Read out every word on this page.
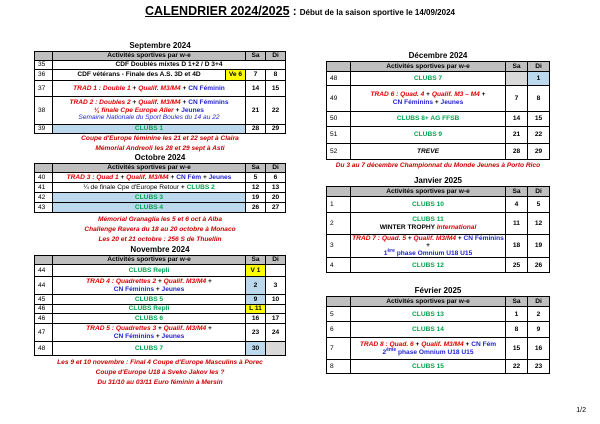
CALENDRIER 2024/2025 : Début de la saison sportive le 14/09/2024
Septembre 2024
	Activités sportives par w-e		Sa	Di
35	CDF Doublés mixtes D 1+2 / D 3+4			
36	CDF vétérans - Finale des A.S. 3D et 4D	Ve 6	7	8
37	TRAD 1 : Double 1 + Qualif. M3/M4 + CN Féminin		14	15
38	TRAD 2 : Doubles 2 + Qualif. M3/M4 + CN Féminins
¼ finale Cpe Europe Aller + Jeunes
Semaine Nationale du Sport Boules du 14 au 22		21	22
39	CLUBS 1		28	29
Coupe d'Europe féminine les 21 et 22 sept à Claira
Mémorial Andreoli les 28 et 29 sept à Asti
Octobre 2024
	Activités sportives par w-e	Sa	Di
40	TRAD 3 : Quad 1 + Qualif. M3/M4 + CN Fém + Jeunes	5	6
41	¼ de finale Cpe d'Europe Retour + CLUBS 2	12	13
42	CLUBS 3	19	20
43	CLUBS 4	26	27
Mémorial Granaglia les 5 et 6 oct à Alba
Challenge Ravera du 18 au 20 octobre à Monaco
Les 20 et 21 octobre : 256 S de Thuellin
Novembre 2024
	Activités sportives par w-e	Sa	Di
44	CLUBS Repli	V 1	
44	TRAD 4 : Quadrettes 2 + Qualif. M3/M4 +
CN Féminins + Jeunes	2	3
45	CLUBS 5	9	10
46	CLUBS Repli	L 11	
46	CLUBS 6	16	17
47	TRAD 5 : Quadrettes 3 + Qualif. M3/M4 +
CN Féminins + Jeunes	23	24
48	CLUBS 7	30	
Les 9 et 10 novembre : Final 4 Coupe d'Europe Masculins à Porec
Coupe d'Europe U18 à Sveko Jakov les ?
Du 31/10 au 03/11 Euro féminin à Mersin
Décembre 2024
	Activités sportives par w-e	Sa	Di
48	CLUBS 7		1
49	TRAD 6 : Quad. 4 + Qualif. M3 – M4 +
CN Féminins + Jeunes	7	8
50	CLUBS 8+ AG FFSB	14	15
51	CLUBS 9	21	22
52	TREVE	28	29
Du 3 au 7 décembre Championnat du Monde Jeunes à Porto Rico
Janvier 2025
	Activités sportives par w-e	Sa	Di
1	CLUBS 10	4	5
2	CLUBS 11
WINTER TROPHY International	11	12
3	TRAD 7 : Quad. 5 + Qualif. M3/M4 + CN Féminins +
1ère phase Omnium U18 U15	18	19
4	CLUBS 12	25	26
Février 2025
	Activités sportives par w-e	Sa	Di
5	CLUBS 13	1	2
6	CLUBS 14	8	9
7	TRAD 8 : Quad. 6 + Qualif. M3/M4 + CN Fém
2ème phase Omnium U18 U15	15	16
8	CLUBS 15	22	23
1/2
